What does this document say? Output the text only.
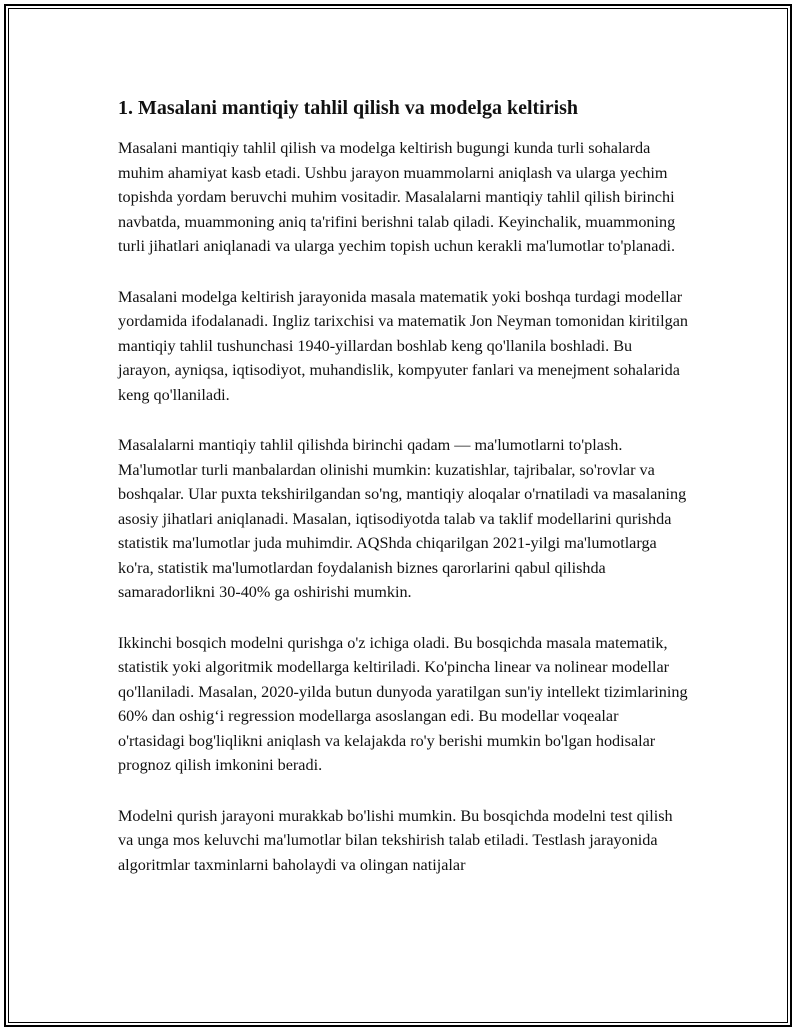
1. Masalani mantiqiy tahlil qilish va modelga keltirish

Masalani mantiqiy tahlil qilish va modelga keltirish bugungi kunda turli sohalarda muhim ahamiyat kasb etadi. Ushbu jarayon muammolarni aniqlash va ularga yechim topishda yordam beruvchi muhim vositadir. Masalalarni mantiqiy tahlil qilish birinchi navbatda, muammoning aniq ta'rifini berishni talab qiladi. Keyinchalik, muammoning turli jihatlari aniqlanadi va ularga yechim topish uchun kerakli ma'lumotlar to'planadi.

Masalani modelga keltirish jarayonida masala matematik yoki boshqa turdagi modellar yordamida ifodalanadi. Ingliz tarixchisi va matematik Jon Neyman tomonidan kiritilgan mantiqiy tahlil tushunchasi 1940-yillardan boshlab keng qo'llanila boshladi. Bu jarayon, ayniqsa, iqtisodiyot, muhandislik, kompyuter fanlari va menejment sohalarida keng qo'llaniladi.

Masalalarni mantiqiy tahlil qilishda birinchi qadam — ma'lumotlarni to'plash. Ma'lumotlar turli manbalardan olinishi mumkin: kuzatishlar, tajribalar, so'rovlar va boshqalar. Ular puxta tekshirilgandan so'ng, mantiqiy aloqalar o'rnatiladi va masalaning asosiy jihatlari aniqlanadi. Masalan, iqtisodiyotda talab va taklif modellarini qurishda statistik ma'lumotlar juda muhimdir. AQShda chiqarilgan 2021-yilgi ma'lumotlarga ko'ra, statistik ma'lumotlardan foydalanish biznes qarorlarini qabul qilishda samaradorlikni 30-40% ga oshirishi mumkin.

Ikkinchi bosqich modelni qurishga o'z ichiga oladi. Bu bosqichda masala matematik, statistik yoki algoritmik modellarga keltiriladi. Ko'pincha linear va nolinear modellar qo'llaniladi. Masalan, 2020-yilda butun dunyoda yaratilgan sun'iy intellekt tizimlarining 60% dan oshig‘i regression modellarga asoslangan edi. Bu modellar voqealar o'rtasidagi bog'liqlikni aniqlash va kelajakda ro'y berishi mumkin bo'lgan hodisalar prognoz qilish imkonini beradi.

Modelni qurish jarayoni murakkab bo'lishi mumkin. Bu bosqichda modelni test qilish va unga mos keluvchi ma'lumotlar bilan tekshirish talab etiladi. Testlash jarayonida algoritmlar taxminlarni baholaydi va olingan natijalar
